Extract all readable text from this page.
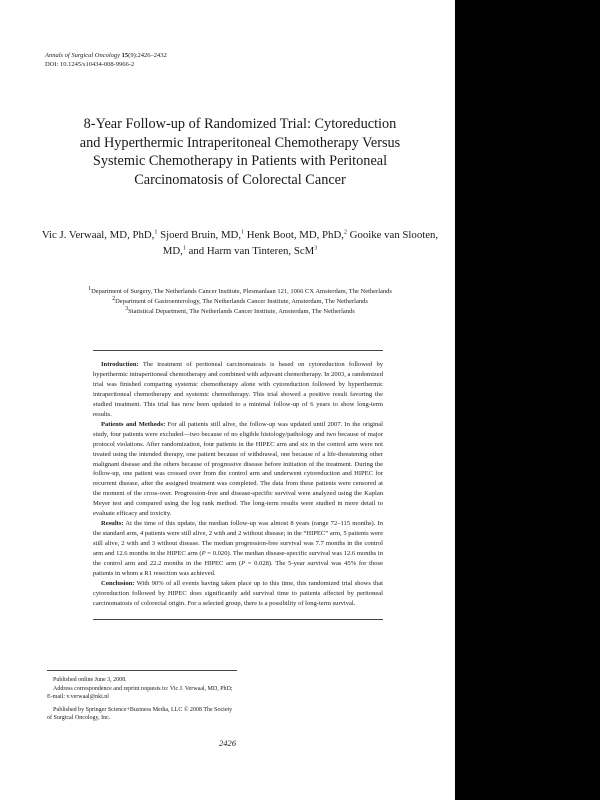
Annals of Surgical Oncology 15(9):2426–2432
DOI: 10.1245/s10434-008-9966-2
8-Year Follow-up of Randomized Trial: Cytoreduction
and Hyperthermic Intraperitoneal Chemotherapy Versus
Systemic Chemotherapy in Patients with Peritoneal
Carcinomatosis of Colorectal Cancer
Vic J. Verwaal, MD, PhD,$^1$ Sjoerd Bruin, MD,$^1$ Henk Boot, MD, PhD,$^2$ Gooike van Slooten,
MD,$^1$ and Harm van Tinteren, ScM$^3$
$^1$Department of Surgery, The Netherlands Cancer Institute, Plesmanlaan 121, 1066 CX Amsterdam, The Netherlands
$^2$Department of Gastroenterology, The Netherlands Cancer Institute, Amsterdam, The Netherlands
$^3$Statistical Department, The Netherlands Cancer Institute, Amsterdam, The Netherlands

Introduction: The treatment of peritoneal carcinomatosis is based on cytoreduction followed by hyperthermic intraperitoneal chemotherapy and combined with adjuvant chemotherapy. In 2003, a randomized trial was finished comparing systemic chemotherapy alone with cytoreduction followed by hyperthermic intraperitoneal chemotherapy and systemic chemotherapy. This trial showed a positive result favoring the studied treatment. This trial has now been updated to a minimal follow-up of 6 years to show long-term results.

Patients and Methods: For all patients still alive, the follow-up was updated until 2007. In the original study, four patients were excluded—two because of no eligible histology/pathology and two because of major protocol violations. After randomization, four patients in the HIPEC arm and six in the control arm were not treated using the intended therapy, one patient because of withdrawal, one because of a life-threatening other malignant disease and the others because of progressive disease before initiation of the treatment. During the follow-up, one patient was crossed over from the control arm and underwent cytoreduction and HIPEC for recurrent disease, after the assigned treatment was completed. The data from these patients were censored at the moment of the cross-over. Progression-free and disease-specific survival were analyzed using the Kaplan Meyer test and compared using the log rank method. The long-term results were studied in more detail to evaluate efficacy and toxicity.

Results: At the time of this update, the median follow-up was almost 8 years (range 72–115 months). In the standard arm, 4 patients were still alive, 2 with and 2 without disease; in the “HIPEC” arm, 5 patients were still alive, 2 with and 3 without disease. The median progression-free survival was 7.7 months in the control arm and 12.6 months in the HIPEC arm (P = 0.020). The median disease-specific survival was 12.6 months in the control arm and 22.2 months in the HIPEC arm (P = 0.028). The 5-year survival was 45% for those patients in whom a R1 resection was achieved.

Conclusion: With 90% of all events having taken place up to this time, this randomized trial shows that cytoreduction followed by HIPEC does significantly add survival time to patients affected by peritoneal carcinomatosis of colorectal origin. For a selected group, there is a possibility of long-term survival.

Published online June 3, 2008.

Address correspondence and reprint requests to: Vic J. Verwaal, MD, PhD; E-mail: v.verwaal@nki.nl

Published by Springer Science+Business Media, LLC © 2008 The Society of Surgical Oncology, Inc.

2426
